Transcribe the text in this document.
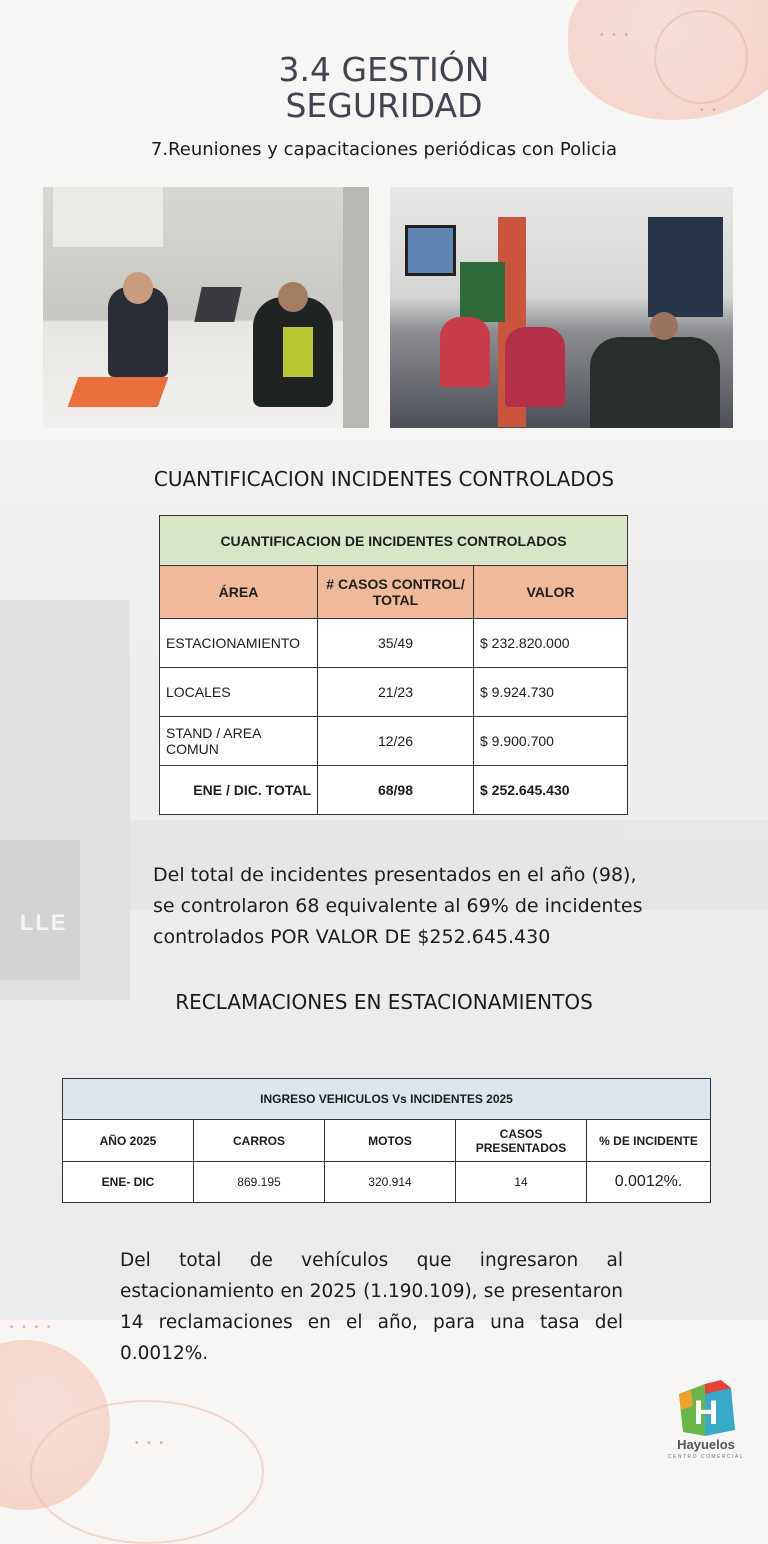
LLE
• • •
• •
• • • •
• • •
3.4 GESTIÓN
SEGURIDAD
7.Reuniones y capacitaciones periódicas con Policia
CUANTIFICACION INCIDENTES CONTROLADOS
CUANTIFICACION DE INCIDENTES CONTROLADOS		
ÁREA	# CASOS CONTROL/ TOTAL	VALOR
ESTACIONAMIENTO	35/49	$ 232.820.000
LOCALES	21/23	$ 9.924.730
STAND / AREA COMUN	12/26	$ 9.900.700
ENE / DIC. TOTAL	68/98	$ 252.645.430
Del total de incidentes presentados en el año (98), se controlaron 68 equivalente al 69% de incidentes controlados POR VALOR DE $252.645.430
RECLAMACIONES EN ESTACIONAMIENTOS
INGRESO VEHICULOS Vs INCIDENTES 2025				
AÑO 2025	CARROS	MOTOS	CASOS PRESENTADOS	% DE INCIDENTE
ENE- DIC	869.195	320.914	14	0.0012%.
Del total de vehículos que ingresaron al estacionamiento en 2025 (1.190.109), se presentaron 14 reclamaciones en el año, para una tasa del 0.0012%.
H
Hayuelos
CENTRO COMERCIAL
